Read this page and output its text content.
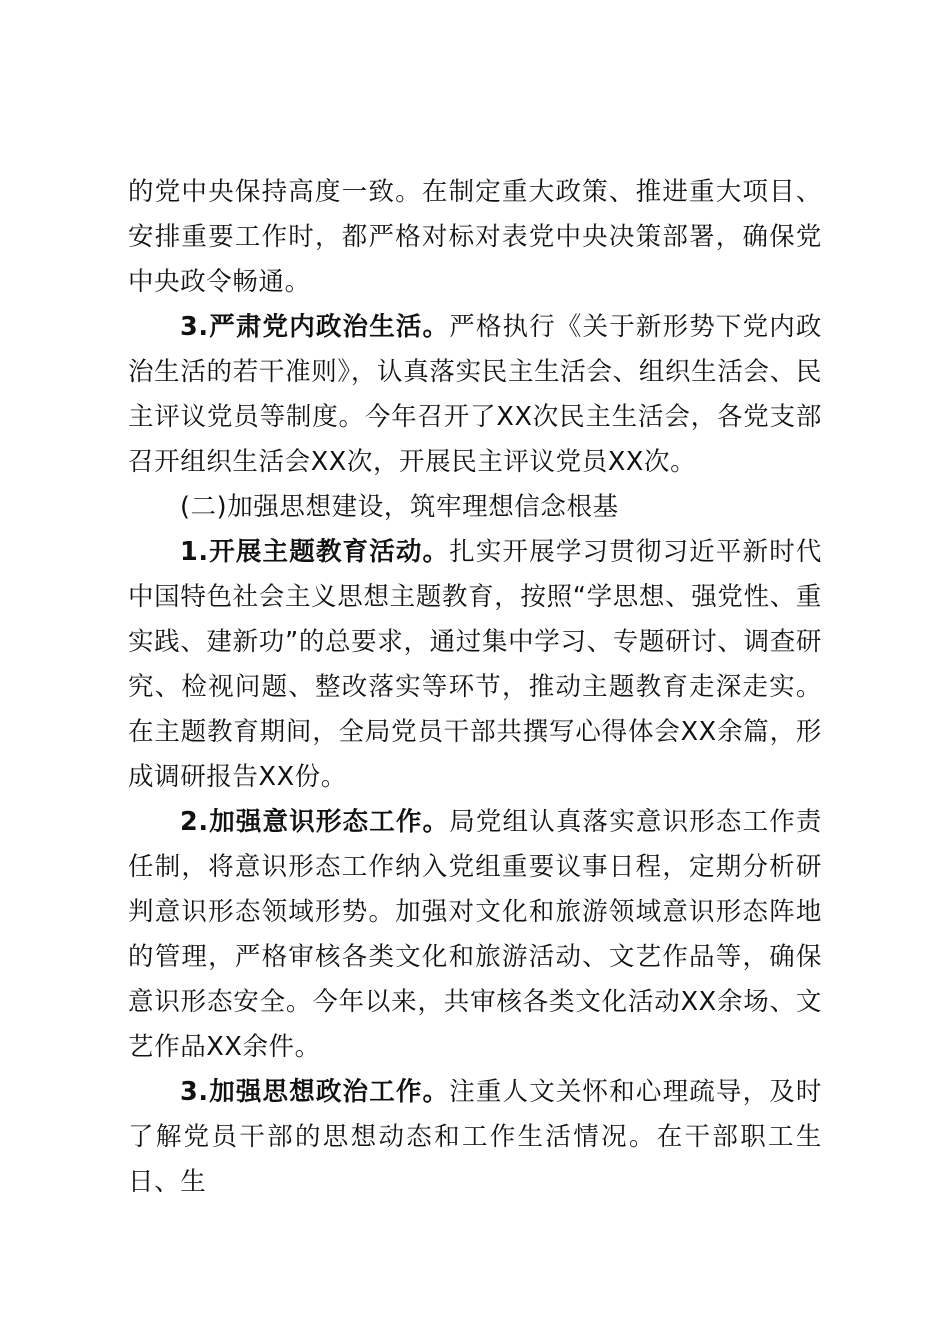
的党中央保持高度一致。在制定重大政策、推进重大项目、安排重要工作时，都严格对标对表党中央决策部署，确保党中央政令畅通。

3.严肃党内政治生活。严格执行《关于新形势下党内政治生活的若干准则》，认真落实民主生活会、组织生活会、民主评议党员等制度。今年召开了XX次民主生活会，各党支部召开组织生活会XX次，开展民主评议党员XX次。

(二)加强思想建设，筑牢理想信念根基

1.开展主题教育活动。扎实开展学习贯彻习近平新时代中国特色社会主义思想主题教育，按照“学思想、强党性、重实践、建新功”的总要求，通过集中学习、专题研讨、调查研究、检视问题、整改落实等环节，推动主题教育走深走实。在主题教育期间，全局党员干部共撰写心得体会XX余篇，形成调研报告XX份。

2.加强意识形态工作。局党组认真落实意识形态工作责任制，将意识形态工作纳入党组重要议事日程，定期分析研判意识形态领域形势。加强对文化和旅游领域意识形态阵地的管理，严格审核各类文化和旅游活动、文艺作品等，确保意识形态安全。今年以来，共审核各类文化活动XX余场、文艺作品XX余件。

3.加强思想政治工作。注重人文关怀和心理疏导，及时了解党员干部的思想动态和工作生活情况。在干部职工生日、生
